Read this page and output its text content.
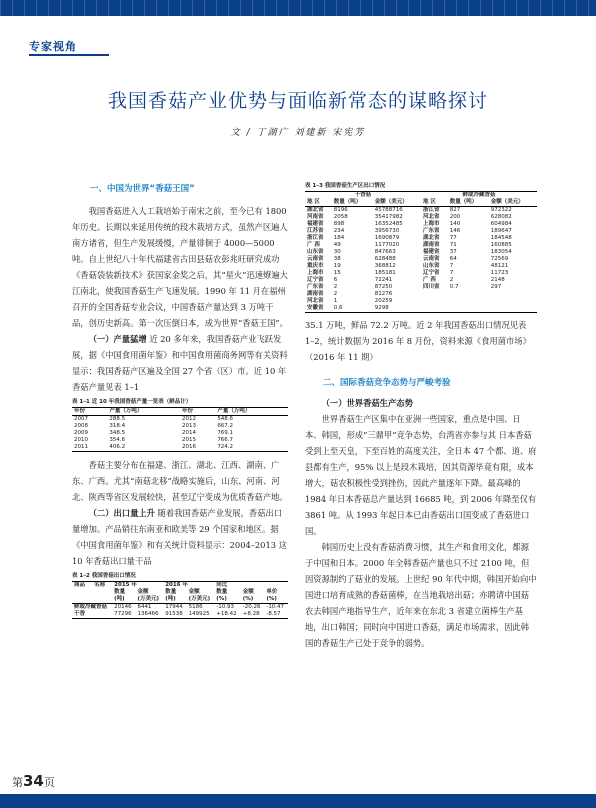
专家视角
我国香菇产业优势与面临新常态的谋略探讨
文 / 丁湖广 刘建新 宋宪芳
一、中国为世界“香菇王国”

我国香菇进入人工栽培始于南宋之前，至今已有 1800 年历史。长期以来延用传统的段木栽培方式，虽然产区遍人南方诸省，但生产发展缓慢，产量徘徊于 4000—5000 吨。自上世纪八十年代福建省古田县菇农彭兆旺研究成功《香菇袋装新技术》获国家金奖之后，其“星火”迅速燎遍大江南北，使我国香菇生产飞速发展。1990 年 11 月在福州召开的全国香菇专业会议，中国香菇产量达到 3 万吨干品，创历史新高。第一次压倒日本，成为世界“香菇王国”。

（一）产量猛增 近 20 多年来，我国香菇产业飞跃发展，据《中国食用菌年鉴》和中国食用菌商务网等有关资料显示：我国香菇产区遍及全国 27 个省（区）市。近 10 年香菇产量见表 1–1

表 1–1 近 10 年我国香菇产量一览表（鲜品计）
年份	产量（万吨）	年份	产量（万吨）
2007	288.5	2012	548.6
2008	318.4	2013	667.2
2009	348.5	2014	769.1
2010	354.6	2015	766.7
2011	406.2	2016	724.2

香菇主要分布在福建、浙江、湖北、江西、湖南、广东、广西。尤其“南菇北移”战略实施后，山东、河南、河北、陕西等省区发展较快，甚至辽宁变成为优质香菇产地。

（二）出口量上升 随着我国香菇产业发展，香菇出口量增加。产品销往东南亚和欧美等 29 个国家和地区。据《中国食用菌年鉴》和有关统计资料显示：2004–2013 这 10 年香菇出口量干品

表 1–2 我国香菇出口情况
商品	名称	2015 年		2016 年		同比		
		数量	金额	数量	金额	数量	金额	单价
		(吨)	(万美元)	(吨)	(万美元)	(%)	(%)	(%)
鲜或冷藏香菇		20146	6441	17944	5186	-10.93	-20.26	-10.47
干香		77296	136466	91538	149925	+18.42	+8.28	-8.57
表 1–3 我国香菇生产区出口情况
干香菇			鲜或冷藏香菇		
地 区	数量（吨）	金额（美元）	地 区	数量（吨）	金额（美元）
湖北省	8196	45788716	浙江省	827	972322
河南省	2058	35417982	河北省	200	628082
福建省	898	16352485	上海市	140	604984
江苏省	234	3956730	广东省	146	189647
浙江省	184	1690879	湖北省	77	184548
广 西	49	1177020	湖南省	71	160885
山东省	30	847663	福建省	37	183054
云南省	38	628488	云南省	64	72569
重庆市	19	368812	山东省	7	48121
上海市	15	185181	辽宁省	7	11723
辽宁省	6	72241	广 西	2	2148
广东省	2	87250	四川省	0.7	297
湖南省	2	81276			
河北省	1	20259			
安徽省	0.6	9298			

35.1 万吨，鲜品 72.2 万吨。近 2 年我国香菇出口情况见表 1–2，统计数据为 2016 年 8 月份，资料来源《食用菌市场》（2016 年 11 期）

二、国际香菇竞争态势与严峻考验

（一）世界香菇生产态势

世界香菇生产区集中在亚洲一些国家，重点是中国、日本、韩国，形成“三鼎甲”竞争态势，台湾省亦参与其 日本香菇受到上至天皇，下至百姓的高度关注，全日本 47 个都、道、府县都有生产，95% 以上是段木栽培，因其资源毕竟有限，成本增大，菇农积极性受到挫伤，因此产量逐年下降。最高峰的 1984 年日本香菇总产量达到 16685 吨，到 2006 年降至仅有 3861 吨。从 1993 年起日本已由香菇出口国变成了香菇进口国。

韩国历史上没有香菇消费习惯，其生产和食用文化，都源于中国和日本。2000 年全韩香菇产量也只不过 2100 吨，但因资源制约了菇业的发展。上世纪 90 年代中期，韩国开始向中国进口培育成熟的香菇菌棒，在当地栽培出菇；亦聘请中国菇农去韩国产地指导生产，近年来在东北 3 省建立菌棒生产基地，出口韩国；同时向中国进口香菇，满足市场需求，因此韩国的香菇生产已处于竞争的弱势。

第34页
